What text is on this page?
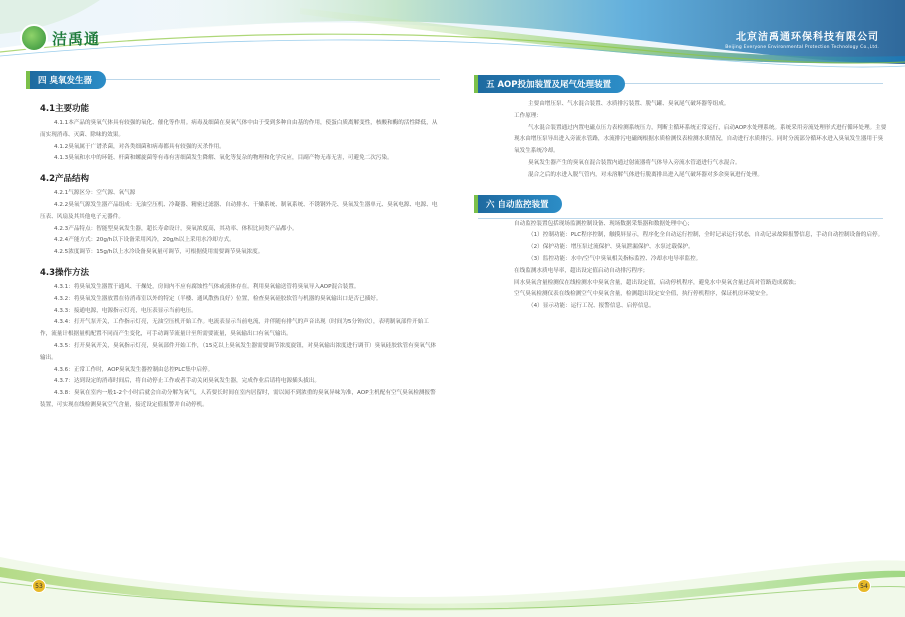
洁禹通	北京洁禹通环保科技有限公司
Beijing Everyone Environmental Protection Technology Co.,Ltd.
四 臭氧发生器
4.1主要功能

4.1.1本产品的臭氧气体具有较强的氧化、催化等作用。病毒及细菌在臭氧气体中由于受到多种自由基的作用，使蛋白质离解变性，核酸和酶的活性降低，从而实现消毒、灭菌、除味的效果。

4.1.2臭氧属于广谱杀菌，对各类细菌和病毒都具有较强的灭杀作用。

4.1.3臭氧和水中的环链、杆菌和螺旋菌等有毒有害细菌发生降解、氧化等复杂的物理和化学反应，目副产物无毒无害，可避免二次污染。

4.2产品结构

4.2.1气源区分：空气源、氧气源

4.2.2臭氧气源发生器产品组成：无油空压机、冷凝器、精密过滤器、自动排水、干燥系统、制氧系统、不锈钢外壳、臭氧发生器单元、臭氧电源、电源、电压表、风扇及其其他电子元器件。

4.2.3产品特点：智能型臭氧发生器，超长寿命设计，臭氧浓度高，其功率、体积比同类产品都小。

4.2.4产能方式：20g/h以下设备采用风冷，20g/h以上采用水冷却方式。

4.2.5浓度调节：15g/h以上水冷设备臭氧量可调节，可根据使用需要调节臭氧浓度。

4.3操作方法

4.3.1：将臭氧发生器置于通风、干燥处，房间内不应有腐蚀性气体或液体存在。利用臭氧输送管将臭氧导入AOP混合装置。

4.3.2：将臭氧发生器放置在待消毒室以外的特定（半楼、通风散热良好）位置，检查臭氧硅胶软管与机器的臭氧输出口是否已插好。

4.3.3：接通电源，电源指示灯亮，电压表显示当前电压。

4.3.4：打开气泵开关，工作指示灯亮，无油空压机开始工作。电流表显示当前电流，并伴随有排气的声音出现（时间为5分钟/次），表明制氧部件开始工作，流量计根据量机配置不同而产生变化，可手动调节流量计至所需要流量，臭氧输出口有氧气输出。

4.3.5：打开臭氧开关，臭氧指示灯亮，臭氧部件开始工作，（15克以上臭氧发生器需要调节浓度旋钮，对臭氧输出浓度进行调节）臭氧硅胶软管有臭氧气体输出。

4.3.6：正常工作时，AOP臭氧发生器控制由总控PLC集中启停。

4.3.7：达到设定的消毒时间后，将自动停止工作或者手动关闭臭氧发生器，完成作业后请将电源插头拔出。

4.3.8：臭氧在室内一般1-2个小时后就会自动分解为氧气，人若要长时间在室内居留时，需以闻不到浓重的臭氧异味为准，AOP主机配有空气臭氧检测报警装置，可实现在线检测臭氧空气含量，接近设定值报警并自动停机。

五 AOP投加装置及尾气处理装置

主要由增压泵、气水混合装置、水质排污装置、脱气罐、臭氧尾气破坏器等组成。

工作原理：

气水混合装置通过内置电磁点压力表检测系统压力，判断主循环系统正常运行，启动AOP水处理系统。系统采用旁流处理形式进行循环处理。主要现水由增压泵导出进入旁流水管路，水流排污电磁阀根据水质检测仪表检测水质情况，自动进行水质排污。同时分流部分循环水进入臭氧发生器用于臭氧发生系统冷却。

臭氧发生器产生的臭氧在混合装置内通过射流器将气体导入旁流水管道进行气水混合。

混合之后的水进入脱气管内，对未溶解气体进行脱离排出进入尾气破坏器对多余臭氧进行处理。

六 自动监控装置

自动监控装置包括现场监测控制设备、现场数据采集器和数据处理中心；

（1）控制功能：PLC程序控制，触摸屏显示，程序化全自动运行控制，全时记录运行状态，自动记录故障报警信息，手动自动控制设备的启停。

（2）保护功能：增压泵过流保护、臭氧泄漏保护、水泵过载保护。

（3）监控功能：水中/空气中臭氧相关指标监控、冷却水电导率监控。

在线监测水质电导率，超出设定值启动自动排污程序；

回水臭氧含量检测仪在线检测水中臭氧含量，超出设定值，启动停机程序，避免水中臭氧含量过高对管路造成腐蚀；

空气臭氧检测仪表在线检测空气中臭氧含量，检测超出设定安全值，执行停机程序，保证机房环境安全。

（4）显示功能：运行工况、报警信息、启停信息。

53	54
